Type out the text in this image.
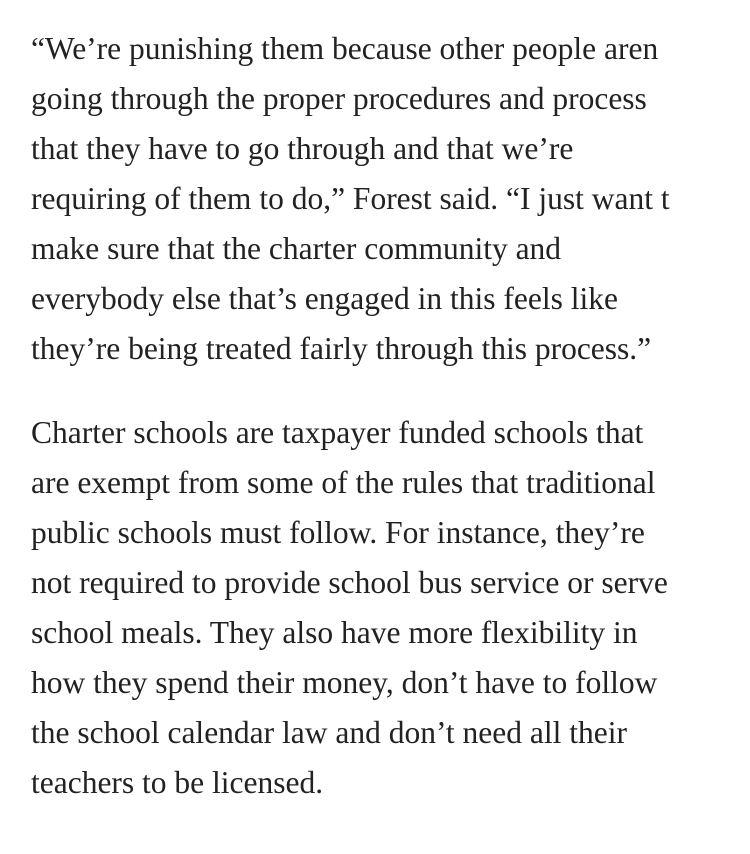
“We’re punishing them because other people aren
going through the proper procedures and process
that they have to go through and that we’re
requiring of them to do,” Forest said. “I just want t
make sure that the charter community and
everybody else that’s engaged in this feels like
they’re being treated fairly through this process.”

Charter schools are taxpayer funded schools that
are exempt from some of the rules that traditional
public schools must follow. For instance, they’re
not required to provide school bus service or serve
school meals. They also have more flexibility in
how they spend their money, don’t have to follow
the school calendar law and don’t need all their
teachers to be licensed.
